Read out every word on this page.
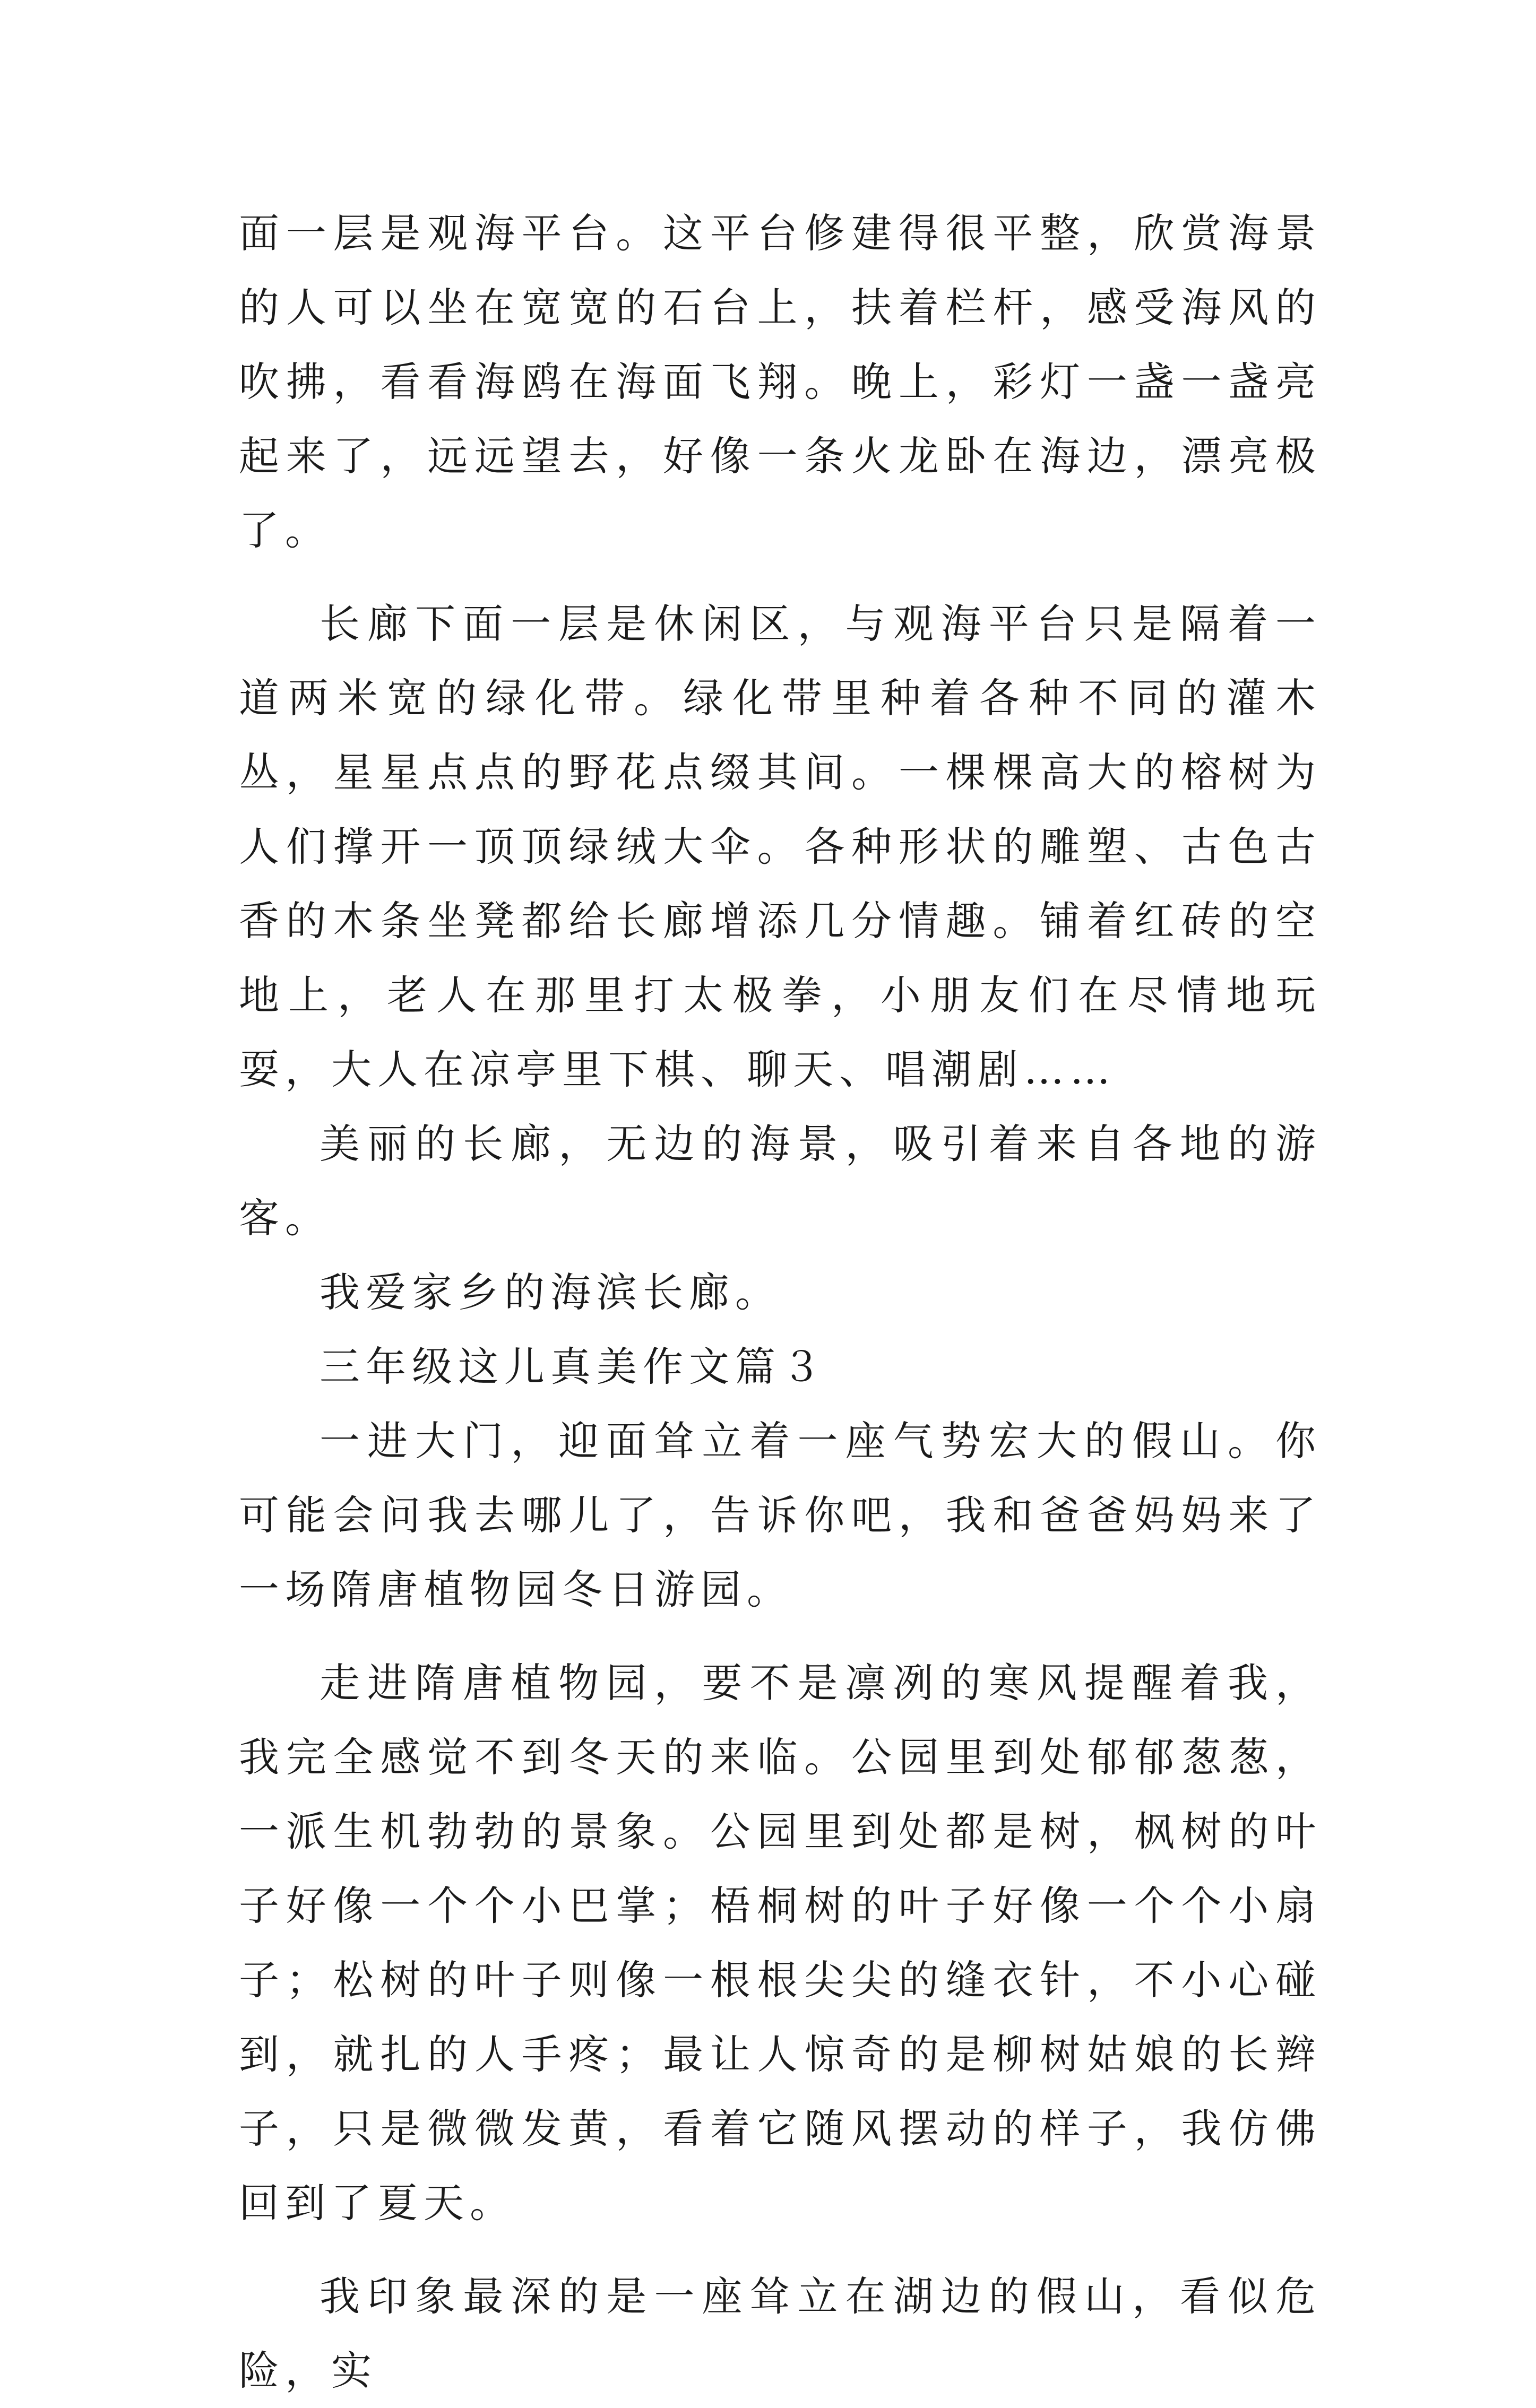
面一层是观海平台。这平台修建得很平整，欣赏海景的人可以坐在宽宽的石台上，扶着栏杆，感受海风的吹拂，看看海鸥在海面飞翔。晚上，彩灯一盏一盏亮起来了，远远望去，好像一条火龙卧在海边，漂亮极了。

长廊下面一层是休闲区，与观海平台只是隔着一道两米宽的绿化带。绿化带里种着各种不同的灌木丛，星星点点的野花点缀其间。一棵棵高大的榕树为人们撑开一顶顶绿绒大伞。各种形状的雕塑、古色古香的木条坐凳都给长廊增添几分情趣。铺着红砖的空地上，老人在那里打太极拳，小朋友们在尽情地玩耍，大人在凉亭里下棋、聊天、唱潮剧……

美丽的长廊，无边的海景，吸引着来自各地的游客。

我爱家乡的海滨长廊。

三年级这儿真美作文篇３

一进大门，迎面耸立着一座气势宏大的假山。你可能会问我去哪儿了，告诉你吧，我和爸爸妈妈来了一场隋唐植物园冬日游园。

走进隋唐植物园，要不是凛冽的寒风提醒着我，我完全感觉不到冬天的来临。公园里到处郁郁葱葱，一派生机勃勃的景象。公园里到处都是树，枫树的叶子好像一个个小巴掌；梧桐树的叶子好像一个个小扇子；松树的叶子则像一根根尖尖的缝衣针，不小心碰到，就扎的人手疼；最让人惊奇的是柳树姑娘的长辫子，只是微微发黄，看着它随风摆动的样子，我仿佛回到了夏天。

我印象最深的是一座耸立在湖边的假山，看似危险，实
